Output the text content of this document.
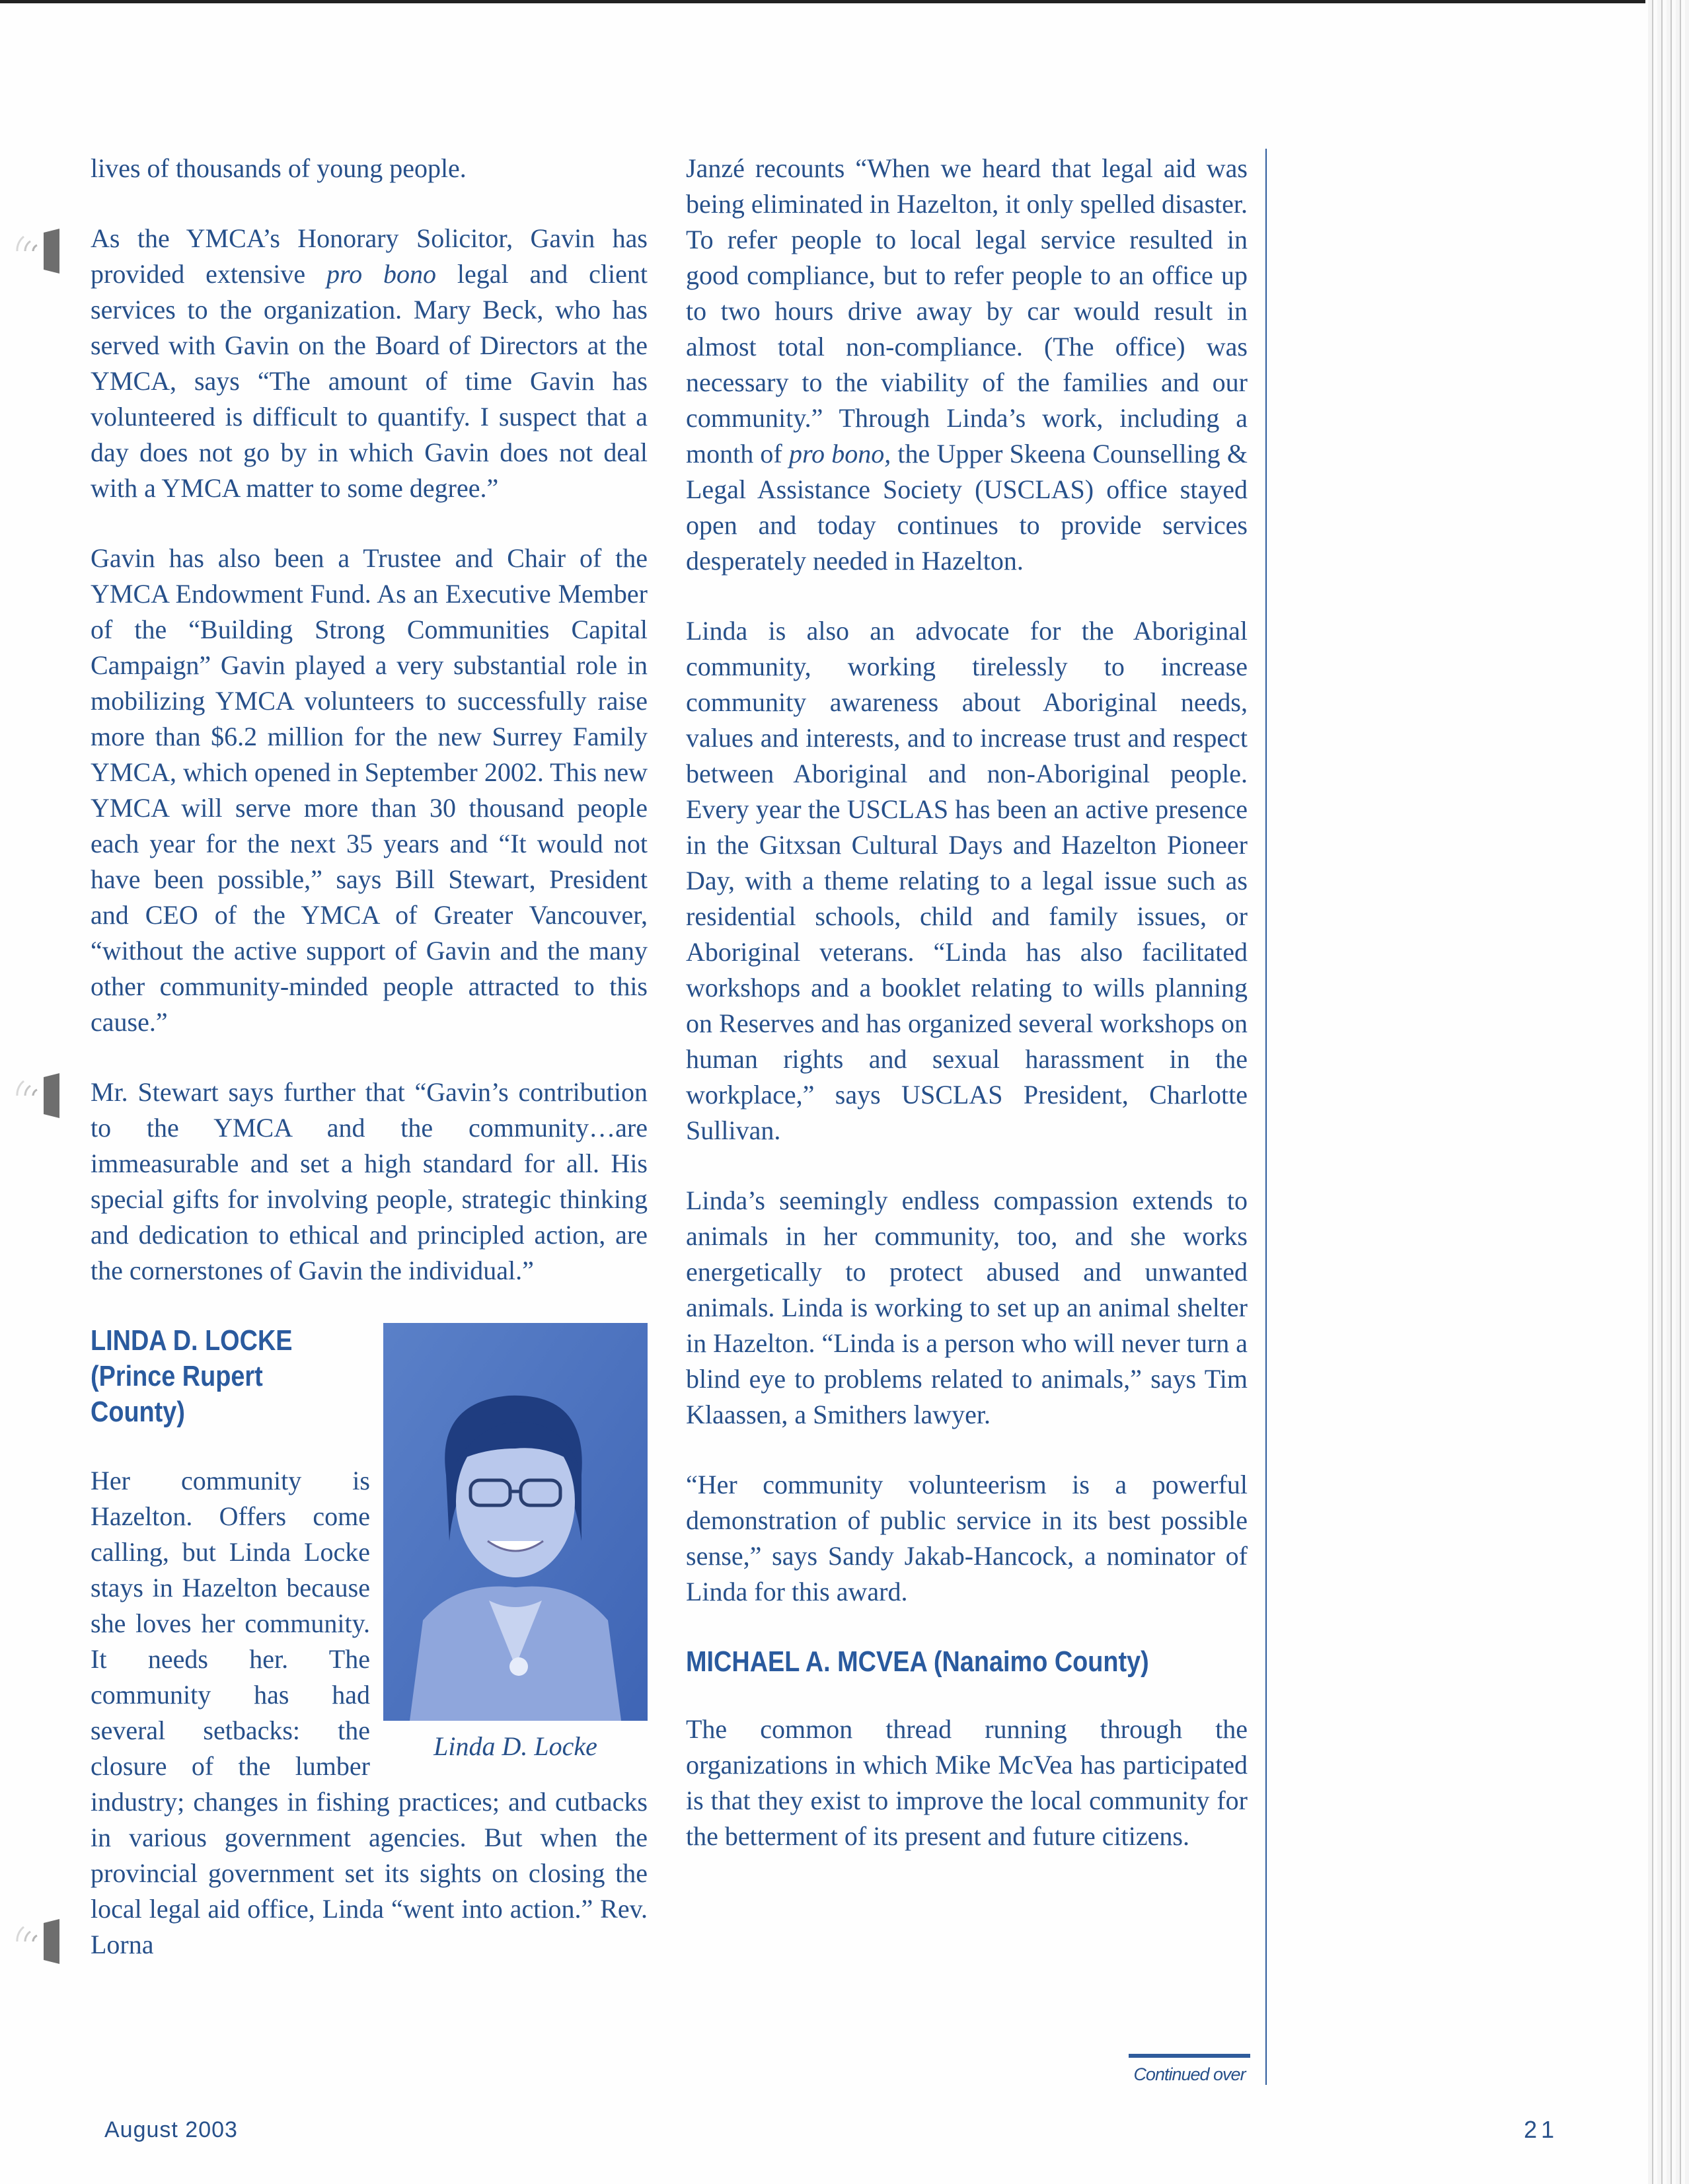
lives of thousands of young people.

As the YMCA’s Honorary Solicitor, Gavin has provided extensive pro bono legal and client services to the organization. Mary Beck, who has served with Gavin on the Board of Directors at the YMCA, says “The amount of time Gavin has volunteered is difficult to quantify. I suspect that a day does not go by in which Gavin does not deal with a YMCA matter to some degree.”

Gavin has also been a Trustee and Chair of the YMCA Endowment Fund. As an Executive Member of the “Building Strong Communities Capital Campaign” Gavin played a very substantial role in mobilizing YMCA volunteers to successfully raise more than $6.2 million for the new Surrey Family YMCA, which opened in September 2002. This new YMCA will serve more than 30 thousand people each year for the next 35 years and “It would not have been possible,” says Bill Stewart, President and CEO of the YMCA of Greater Vancouver, “without the active support of Gavin and the many other community-minded people attracted to this cause.”

Mr. Stewart says further that “Gavin’s contribution to the YMCA and the community…are immeasurable and set a high standard for all. His special gifts for involving people, strategic thinking and dedication to ethical and principled action, are the cornerstones of Gavin the individual.”

Linda D. Locke
LINDA D. LOCKE
(Prince Rupert
County)

Her community is Hazelton. Offers come calling, but Linda Locke stays in Hazelton because she loves her community. It needs her. The community has had several setbacks: the closure of the lumber industry; changes in fishing practices; and cutbacks in various government agencies. But when the provincial government set its sights on closing the local legal aid office, Linda “went into action.” Rev. Lorna

Janzé recounts “When we heard that legal aid was being eliminated in Hazelton, it only spelled disaster. To refer people to local legal service resulted in good compliance, but to refer people to an office up to two hours drive away by car would result in almost total non-compliance. (The office) was necessary to the viability of the families and our community.” Through Linda’s work, including a month of pro bono, the Upper Skeena Counselling & Legal Assistance Society (USCLAS) office stayed open and today continues to provide services desperately needed in Hazelton.

Linda is also an advocate for the Aboriginal community, working tirelessly to increase community awareness about Aboriginal needs, values and interests, and to increase trust and respect between Aboriginal and non-Aboriginal people. Every year the USCLAS has been an active presence in the Gitxsan Cultural Days and Hazelton Pioneer Day, with a theme relating to a legal issue such as residential schools, child and family issues, or Aboriginal veterans. “Linda has also facilitated workshops and a booklet relating to wills planning on Reserves and has organized several workshops on human rights and sexual harassment in the workplace,” says USCLAS President, Charlotte Sullivan.

Linda’s seemingly endless compassion extends to animals in her community, too, and she works energetically to protect abused and unwanted animals. Linda is working to set up an animal shelter in Hazelton. “Linda is a person who will never turn a blind eye to problems related to animals,” says Tim Klaassen, a Smithers lawyer.

“Her community volunteerism is a powerful demonstration of public service in its best possible sense,” says Sandy Jakab-Hancock, a nominator of Linda for this award.

MICHAEL A. MCVEA (Nanaimo County)

The common thread running through the organizations in which Mike McVea has participated is that they exist to improve the local community for the betterment of its present and future citizens.

Continued over
August 2003	21
